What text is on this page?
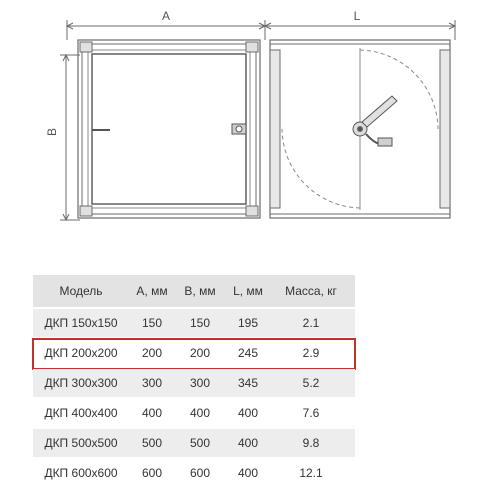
A	L
B
Модель	А, мм	В, мм	L, мм	Масса, кг
ДКП 150x150	150	150	195	2.1
ДКП 200x200	200	200	245	2.9
ДКП 300x300	300	300	345	5.2
ДКП 400x400	400	400	400	7.6
ДКП 500x500	500	500	400	9.8
ДКП 600x600	600	600	400	12.1
